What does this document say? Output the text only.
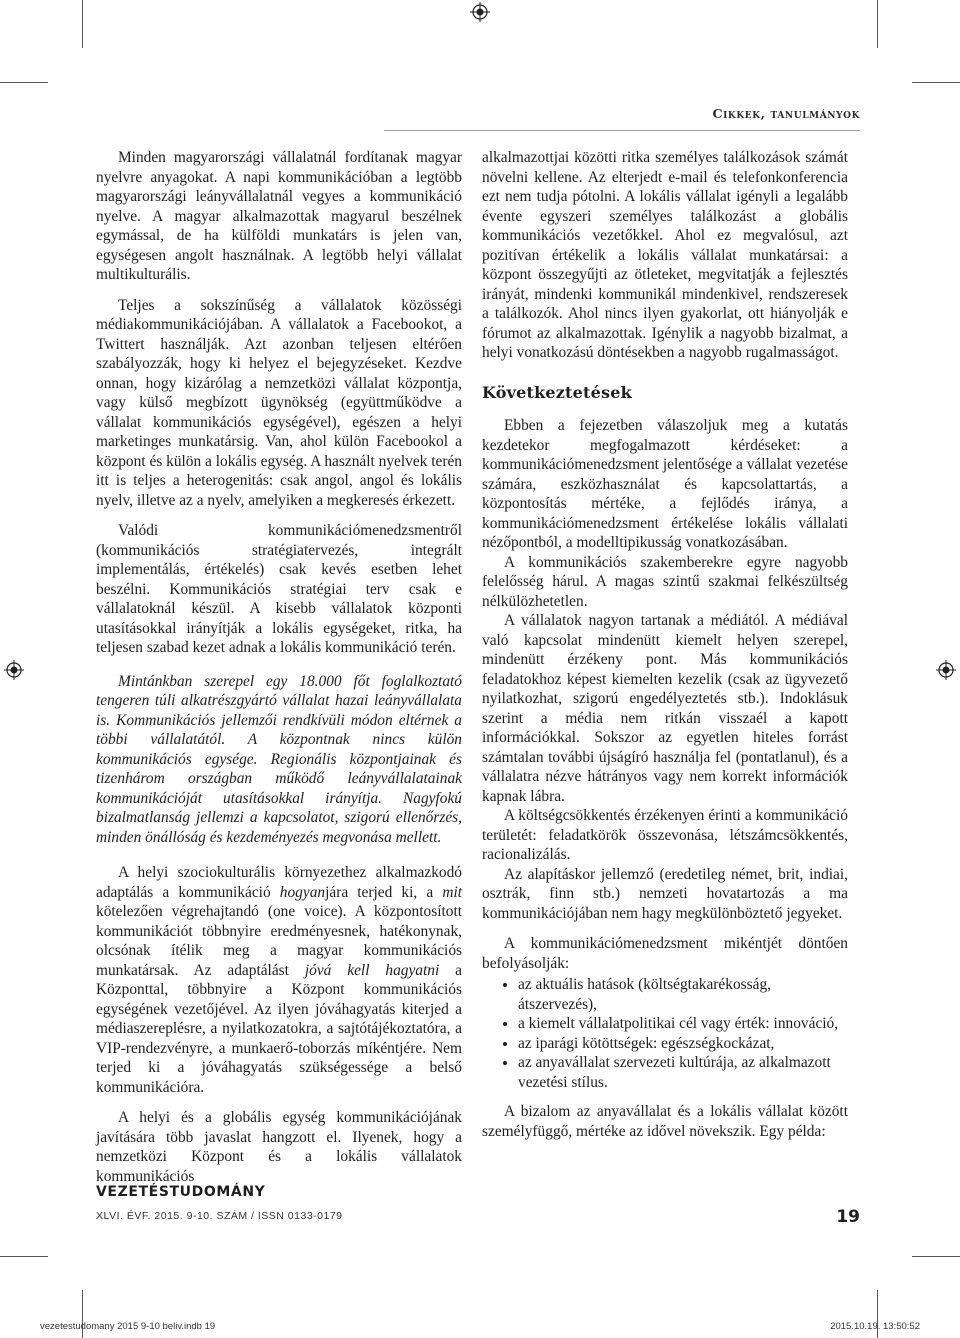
Cikkek, tanulmányok

Minden magyarországi vállalatnál fordítanak magyar nyelvre anyagokat. A napi kommunikációban a legtöbb magyarországi leányvállalatnál vegyes a kommunikáció nyelve. A magyar alkalmazottak magyarul beszélnek egymással, de ha külföldi munkatárs is jelen van, egységesen angolt használnak. A legtöbb helyi vállalat multikulturális.

Teljes a sokszínűség a vállalatok közösségi médiakommunikációjában. A vállalatok a Facebookot, a Twittert használják. Azt azonban teljesen eltérően szabályozzák, hogy ki helyez el bejegyzéseket. Kezdve onnan, hogy kizárólag a nemzetközi vállalat központja, vagy külső megbízott ügynökség (együttműködve a vállalat kommunikációs egységével), egészen a helyi marketinges munkatársig. Van, ahol külön Facebookol a központ és külön a lokális egység. A használt nyelvek terén itt is teljes a heterogenitás: csak angol, angol és lokális nyelv, illetve az a nyelv, amelyiken a megkeresés érkezett.

Valódi kommunikációmenedzsmentről (kommunikációs stratégiatervezés, integrált implementálás, értékelés) csak kevés esetben lehet beszélni. Kommunikációs stratégiai terv csak e vállalatoknál készül. A kisebb vállalatok központi utasításokkal irányítják a lokális egységeket, ritka, ha teljesen szabad kezet adnak a lokális kommunikáció terén.

Mintánkban szerepel egy 18.000 főt foglalkoztató tengeren túli alkatrészgyártó vállalat hazai leányvállalata is. Kommunikációs jellemzői rendkívüli módon eltérnek a többi vállalatától. A központnak nincs külön kommunikációs egysége. Regionális központjainak és tizenhárom országban működő leányvállalatainak kommunikációját utasításokkal irányítja. Nagyfokú bizalmatlanság jellemzi a kapcsolatot, szigorú ellenőrzés, minden önállóság és kezdeményezés megvonása mellett.

A helyi szociokulturális környezethez alkalmazkodó adaptálás a kommunikáció hogyanjára terjed ki, a mit kötelezően végrehajtandó (one voice). A központosított kommunikációt többnyire eredményesnek, hatékonynak, olcsónak ítélik meg a magyar kommunikációs munkatársak. Az adaptálást jóvá kell hagyatni a Központtal, többnyire a Központ kommunikációs egységének vezetőjével. Az ilyen jóváhagyatás kiterjed a médiaszereplésre, a nyilatkozatokra, a sajtótájékoztatóra, a VIP-rendezvényre, a munkaerő-toborzás míkéntjére. Nem terjed ki a jóváhagyatás szükségessége a belső kommunikációra.

A helyi és a globális egység kommunikációjának javítására több javaslat hangzott el. Ilyenek, hogy a nemzetközi Központ és a lokális vállalatok kommunikációs

alkalmazottjai közötti ritka személyes találkozások számát növelni kellene. Az elterjedt e-mail és telefonkonferencia ezt nem tudja pótolni. A lokális vállalat igényli a legalább évente egyszeri személyes találkozást a globális kommunikációs vezetőkkel. Ahol ez megvalósul, azt pozitívan értékelik a lokális vállalat munkatársai: a központ összegyűjti az ötleteket, megvitatják a fejlesztés irányát, mindenki kommunikál mindenkivel, rendszeresek a találkozók. Ahol nincs ilyen gyakorlat, ott hiányolják e fórumot az alkalmazottak. Igénylik a nagyobb bizalmat, a helyi vonatkozású döntésekben a nagyobb rugalmasságot.

Következtetések

Ebben a fejezetben válaszoljuk meg a kutatás kezdetekor megfogalmazott kérdéseket: a kommunikációmenedzsment jelentősége a vállalat vezetése számára, eszközhasználat és kapcsolattartás, a központosítás mértéke, a fejlődés iránya, a kommunikációmenedzsment értékelése lokális vállalati nézőpontból, a modelltipikusság vonatkozásában.

A kommunikációs szakemberekre egyre nagyobb felelősség hárul. A magas szintű szakmai felkészültség nélkülözhetetlen.

A vállalatok nagyon tartanak a médiától. A médiával való kapcsolat mindenütt kiemelt helyen szerepel, mindenütt érzékeny pont. Más kommunikációs feladatokhoz képest kiemelten kezelik (csak az ügyvezető nyilatkozhat, szigorú engedélyeztetés stb.). Indoklásuk szerint a média nem ritkán visszaél a kapott információkkal. Sokszor az egyetlen hiteles forrást számtalan további újságíró használja fel (pontatlanul), és a vállalatra nézve hátrányos vagy nem korrekt információk kapnak lábra.

A költségcsökkentés érzékenyen érinti a kommunikáció területét: feladatkörök összevonása, létszámcsökkentés, racionalizálás.

Az alapításkor jellemző (eredetileg német, brit, indiai, osztrák, finn stb.) nemzeti hovatartozás a ma kommunikációjában nem hagy megkülönböztető jegyeket.

A kommunikációmenedzsment mikéntjét döntően befolyásolják:

• az aktuális hatások (költségtakarékosság, átszervezés),
• a kiemelt vállalatpolitikai cél vagy érték: innováció,
• az iparági kötöttségek: egészségkockázat,
• az anyavállalat szervezeti kultúrája, az alkalmazott vezetési stílus.

A bizalom az anyavállalat és a lokális vállalat között személyfüggő, mértéke az idővel növekszik. Egy példa:

VEZETÉSTUDOMÁNY
XLVI. ÉVF. 2015. 9-10. SZÁM / ISSN 0133-0179	19
vezetestudomany 2015 9-10 beliv.indb 19	2015.10.19. 13:50:52
